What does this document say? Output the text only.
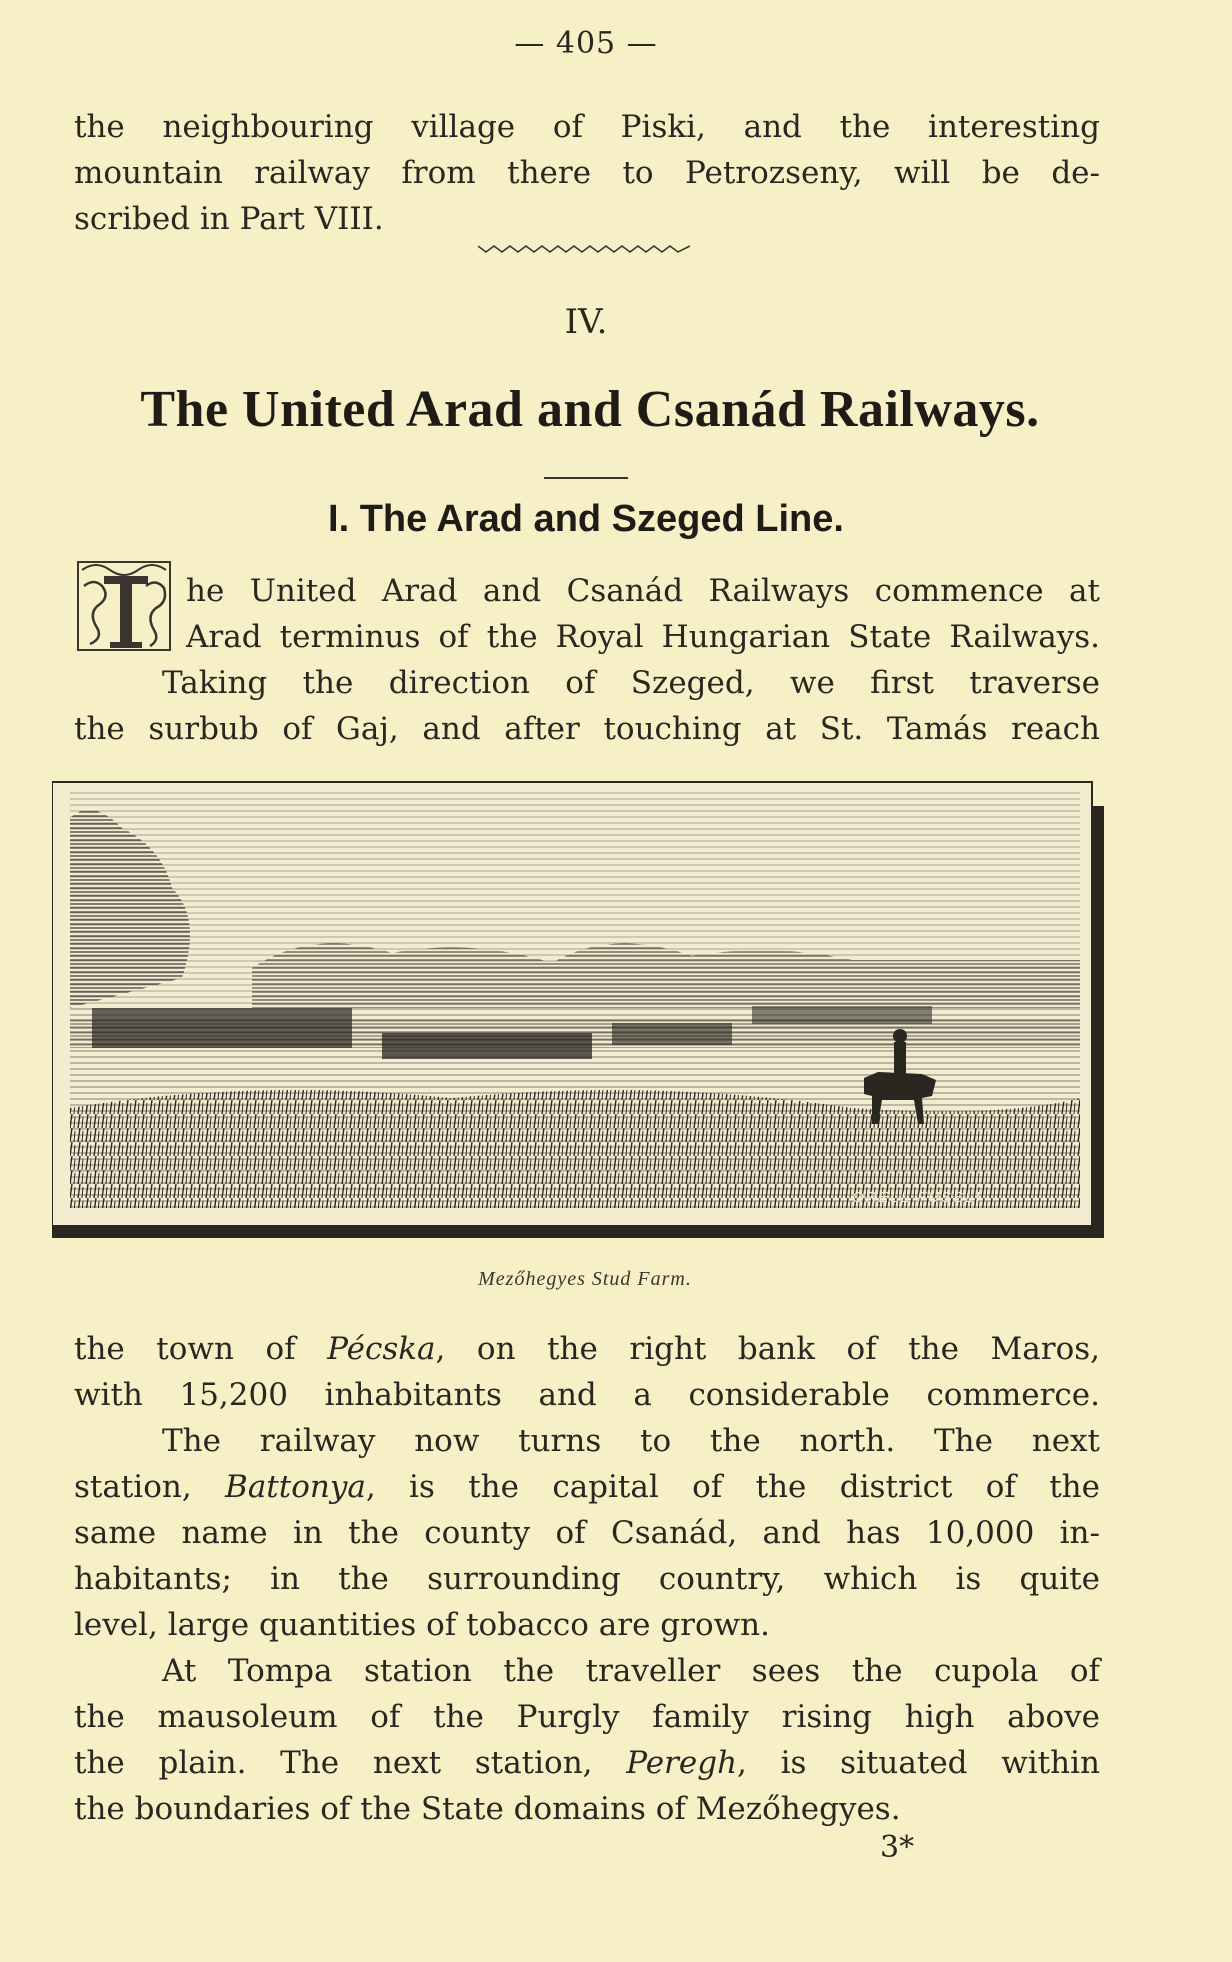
— 405 —
the neighbouring village of Piski, and the interesting
mountain railway from there to Petrozseny, will be de-
scribed in Part VIII.
IV.
The United Arad and Csanád Railways.
I. The Arad and Szeged Line.
he United Arad and Csanád Railways commence at
Arad terminus of the Royal Hungarian State Railways.
Taking the direction of Szeged, we first traverse
the surbub of Gaj, and after touching at St. Tamás reach
ORELL FÜSSLI
Mezőhegyes Stud Farm.
the town of Pécska, on the right bank of the Maros,
with 15,200 inhabitants and a considerable commerce.
The railway now turns to the north. The next
station, Battonya, is the capital of the district of the
same name in the county of Csanád, and has 10,000 in-
habitants; in the surrounding country, which is quite
level, large quantities of tobacco are grown.
At Tompa station the traveller sees the cupola of
the mausoleum of the Purgly family rising high above
the plain. The next station, Peregh, is situated within
the boundaries of the State domains of Mezőhegyes.
3*
